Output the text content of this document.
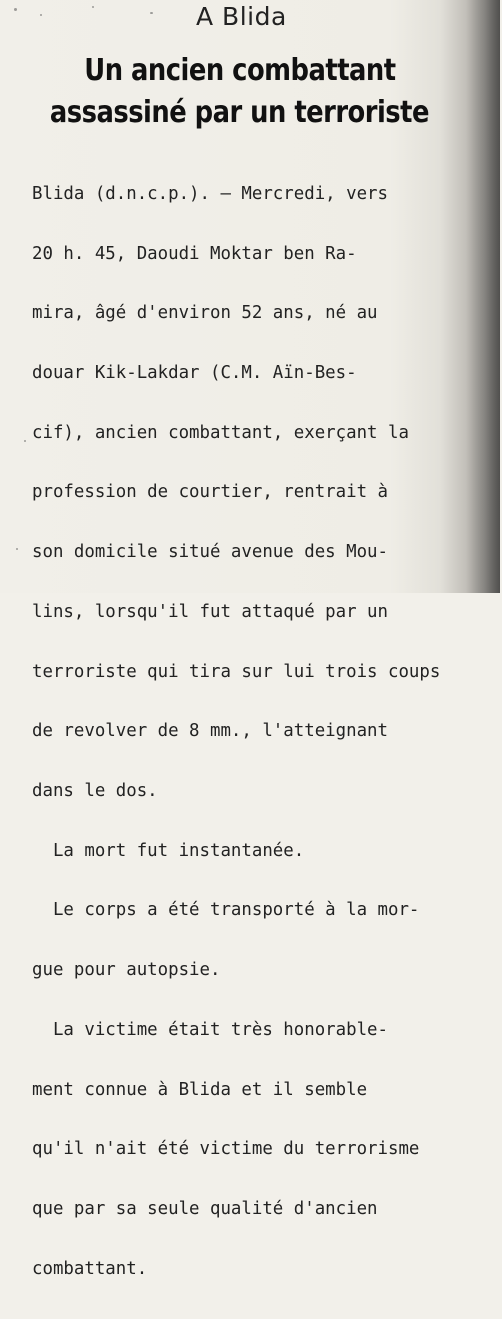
A Blida
Un ancien combattant
assassiné par un terroriste

Blida (d.n.c.p.). — Mercredi, vers

20 h. 45, Daoudi Moktar ben Ra-

mira, âgé d'environ 52 ans, né au

douar Kik-Lakdar (C.M. Aïn-Bes-

cif), ancien combattant, exerçant la

profession de courtier, rentrait à

son domicile situé avenue des Mou-

lins, lorsqu'il fut attaqué par un

terroriste qui tira sur lui trois coups

de revolver de 8 mm., l'atteignant

dans le dos.

La mort fut instantanée.

Le corps a été transporté à la mor-

gue pour autopsie.

La victime était très honorable-

ment connue à Blida et il semble

qu'il n'ait été victime du terrorisme

que par sa seule qualité d'ancien

combattant.
